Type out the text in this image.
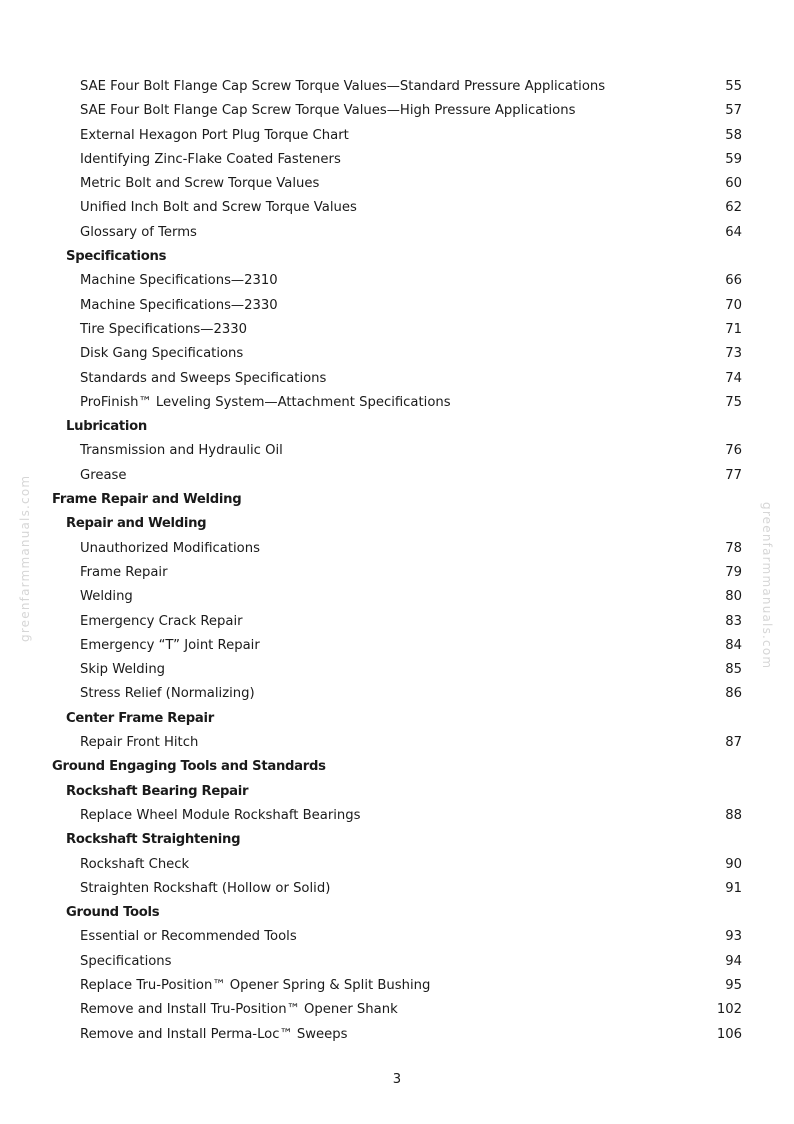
greenfarmmanuals.com	greenfarmmanuals.com
SAE Four Bolt Flange Cap Screw Torque Values—Standard Pressure Applications	55
SAE Four Bolt Flange Cap Screw Torque Values—High Pressure Applications	57
External Hexagon Port Plug Torque Chart	58
Identifying Zinc-Flake Coated Fasteners	59
Metric Bolt and Screw Torque Values	60
Unified Inch Bolt and Screw Torque Values	62
Glossary of Terms	64
Specifications
Machine Specifications—2310	66
Machine Specifications—2330	70
Tire Specifications—2330	71
Disk Gang Specifications	73
Standards and Sweeps Specifications	74
ProFinish™ Leveling System—Attachment Specifications	75
Lubrication
Transmission and Hydraulic Oil	76
Grease	77
Frame Repair and Welding
Repair and Welding
Unauthorized Modifications	78
Frame Repair	79
Welding	80
Emergency Crack Repair	83
Emergency “T” Joint Repair	84
Skip Welding	85
Stress Relief (Normalizing)	86
Center Frame Repair
Repair Front Hitch	87
Ground Engaging Tools and Standards
Rockshaft Bearing Repair
Replace Wheel Module Rockshaft Bearings	88
Rockshaft Straightening
Rockshaft Check	90
Straighten Rockshaft (Hollow or Solid)	91
Ground Tools
Essential or Recommended Tools	93
Specifications	94
Replace Tru-Position™ Opener Spring & Split Bushing	95
Remove and Install Tru-Position™ Opener Shank	102
Remove and Install Perma-Loc™ Sweeps	106
3
